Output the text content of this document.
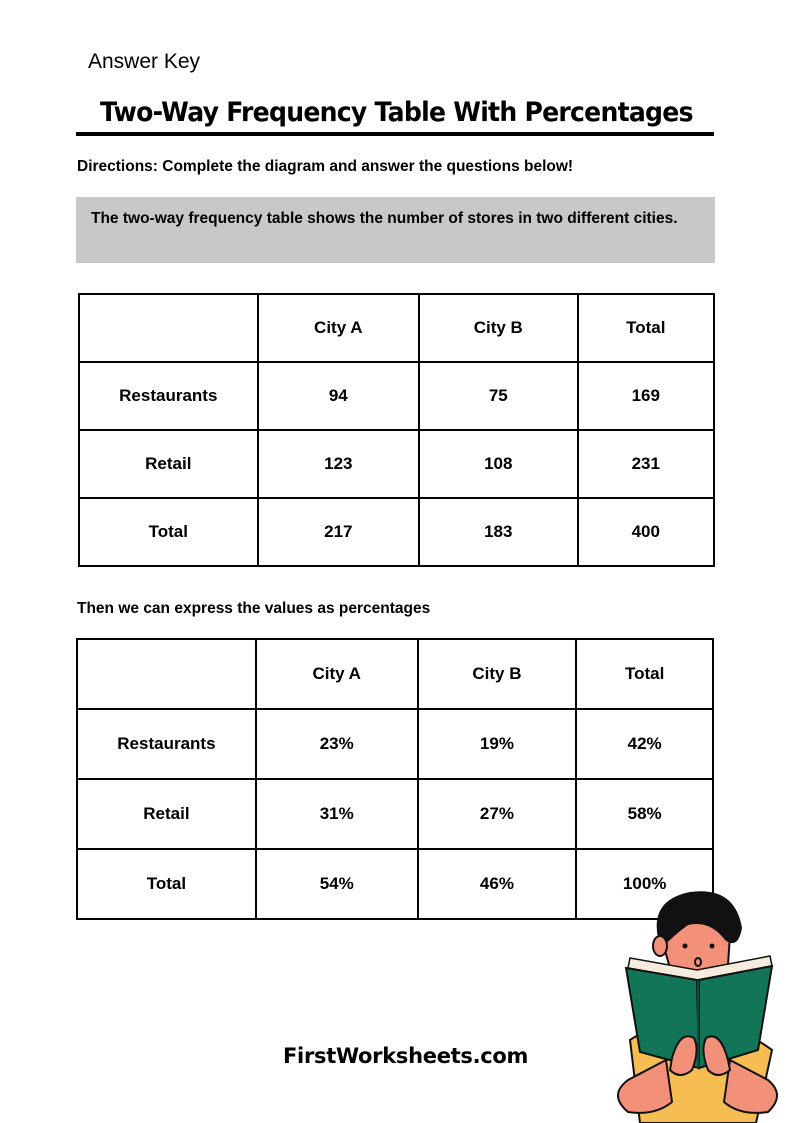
Answer Key
Two-Way Frequency Table With Percentages
Directions: Complete the diagram and answer the questions below!
The two-way frequency table shows the number of stores in two different cities.
	City A	City B	Total
Restaurants	94	75	169
Retail	123	108	231
Total	217	183	400
Then we can express the values as percentages
	City A	City B	Total
Restaurants	23%	19%	42%
Retail	31%	27%	58%
Total	54%	46%	100%
FirstWorksheets.com
